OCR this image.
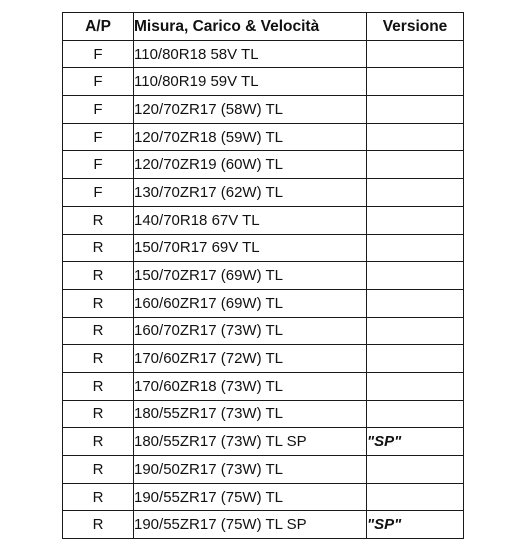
A/P	Misura, Carico & Velocità	Versione
F	110/80R18 58V TL	
F	110/80R19 59V TL	
F	120/70ZR17 (58W) TL	
F	120/70ZR18 (59W) TL	
F	120/70ZR19 (60W) TL	
F	130/70ZR17 (62W) TL	
R	140/70R18 67V TL	
R	150/70R17 69V TL	
R	150/70ZR17 (69W) TL	
R	160/60ZR17 (69W) TL	
R	160/70ZR17 (73W) TL	
R	170/60ZR17 (72W) TL	
R	170/60ZR18 (73W) TL	
R	180/55ZR17 (73W) TL	
R	180/55ZR17 (73W) TL SP	"SP"
R	190/50ZR17 (73W) TL	
R	190/55ZR17 (75W) TL	
R	190/55ZR17 (75W) TL SP	"SP"
